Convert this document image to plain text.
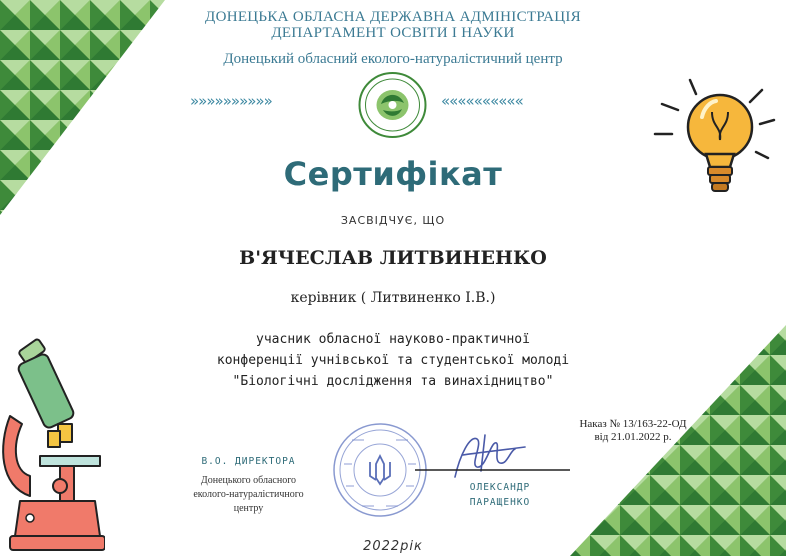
ДОНЕЦЬКА ОБЛАСНА ДЕРЖАВНА АДМІНІСТРАЦІЯ
ДЕПАРТАМЕНТ ОСВІТИ І НАУКИ
Донецький обласний еколого-натуралістичний центр
»»»»»»»»»»	««««««««««
Сертифікат
ЗАСВІДЧУЄ, ЩО
В'ЯЧЕСЛАВ ЛИТВИНЕНКО
керівник ( Литвиненко І.В.)
учасник обласної науково-практичної
конференції учнівської та студентської молоді
"Біологічні дослідження та винахідництво"
Наказ № 13/163-22-ОД
від 21.01.2022 р.
В.О. ДИРЕКТОРА
Донецького обласного
еколого-натуралістичного
центру
ОЛЕКСАНДР
ПАРАЩЕНКО
2022рік
